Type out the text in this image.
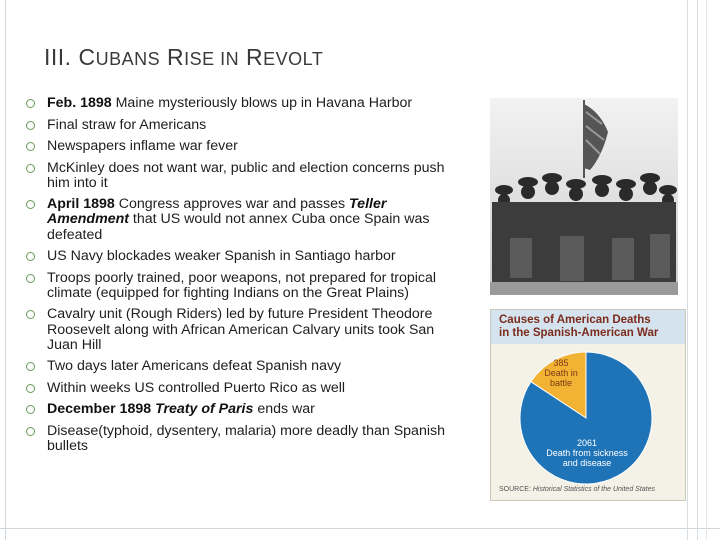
III. CUBANS RISE IN REVOLT
Feb. 1898 Maine mysteriously blows up in Havana Harbor
Final straw for Americans
Newspapers inflame war fever
McKinley does not want war, public and election concerns push him into it
April 1898 Congress approves war and passes Teller Amendment that US would not annex Cuba once Spain was defeated
US Navy blockades weaker Spanish in Santiago harbor
Troops poorly trained, poor weapons, not prepared for tropical climate (equipped for fighting Indians on the Great Plains)
Cavalry unit (Rough Riders) led by future President Theodore Roosevelt along with African American Calvary units took San Juan Hill
Two days later Americans defeat Spanish navy
Within weeks US controlled Puerto Rico as well
December 1898 Treaty of Paris ends war
Disease(typhoid, dysentery, malaria) more deadly than Spanish bullets
Causes of American Deaths
in the Spanish-American War
385
Death in battle
2061
Death from sickness and disease
SOURCE: Historical Statistics of the United States
